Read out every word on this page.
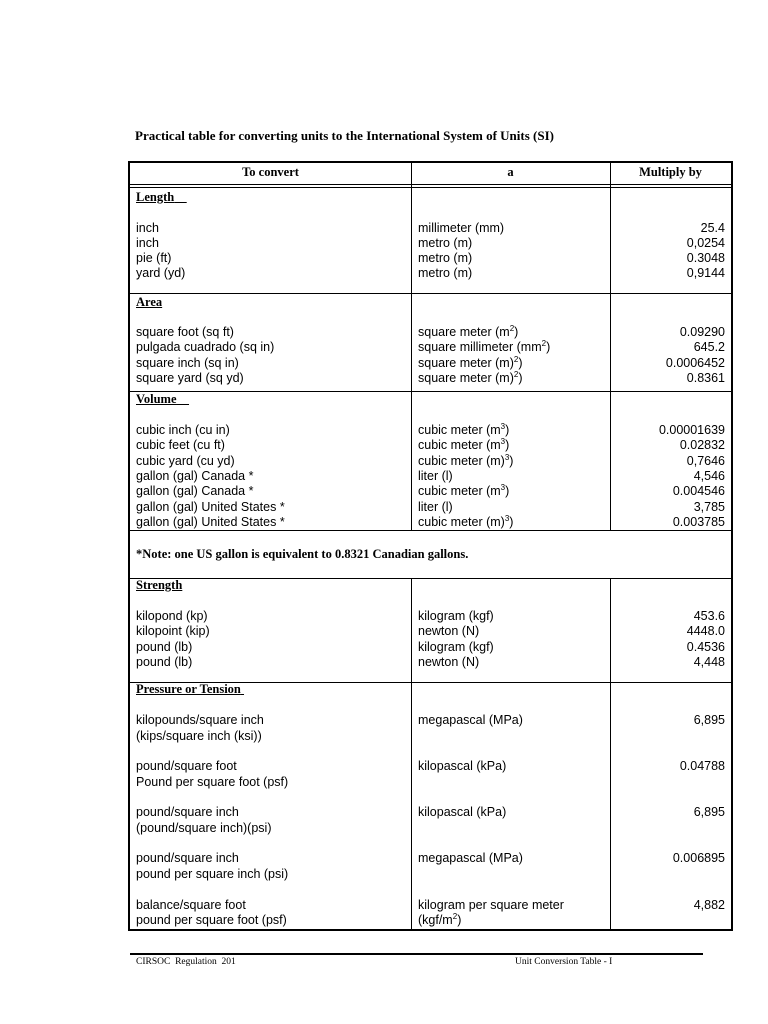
Practical table for converting units to the International System of Units (SI)
To convert	a	Multiply by
Length
inch	millimeter (mm)	25.4
inch	metro (m)	0,0254
pie (ft)	metro (m)	0.3048
yard (yd)	metro (m)	0,9144
Area
square foot (sq ft)	square meter $(m^2)$	0.09290
pulgada cuadrado (sq in)	square millimeter $(mm^2)$	645.2
square inch (sq in)	square meter $(m)^2$)	0.0006452
square yard (sq yd)	square meter $(m)^2$)	0.8361
Volume
cubic inch (cu in)	cubic meter $(m^3)$	0.00001639
cubic feet (cu ft)	cubic meter $(m^3)$	0.02832
cubic yard (cu yd)	cubic meter $(m)^3$)	0,7646
gallon (gal) Canada *	liter (l)	4,546
gallon (gal) Canada *	cubic meter $(m^3)$	0.004546
gallon (gal) United States *	liter (l)	3,785
gallon (gal) United States *	cubic meter $(m)^3$)	0.003785
*Note: one US gallon is equivalent to 0.8321 Canadian gallons.
Strength
kilopond (kp)	kilogram (kgf)	453.6
kilopoint (kip)	newton (N)	4448.0
pound (lb)	kilogram (kgf)	0.4536
pound (lb)	newton (N)	4,448
Pressure or Tension
kilopounds/square inch	megapascal (MPa)	6,895
(kips/square inch (ksi))
pound/square foot	kilopascal (kPa)	0.04788
Pound per square foot (psf)
pound/square inch	kilopascal (kPa)	6,895
(pound/square inch)(psi)
pound/square inch	megapascal (MPa)	0.006895
pound per square inch (psi)
balance/square foot	kilogram per square meter	4,882
pound per square foot (psf)	$(kgf/m^2)$
CIRSOC  Regulation  201	Unit Conversion Table - I
